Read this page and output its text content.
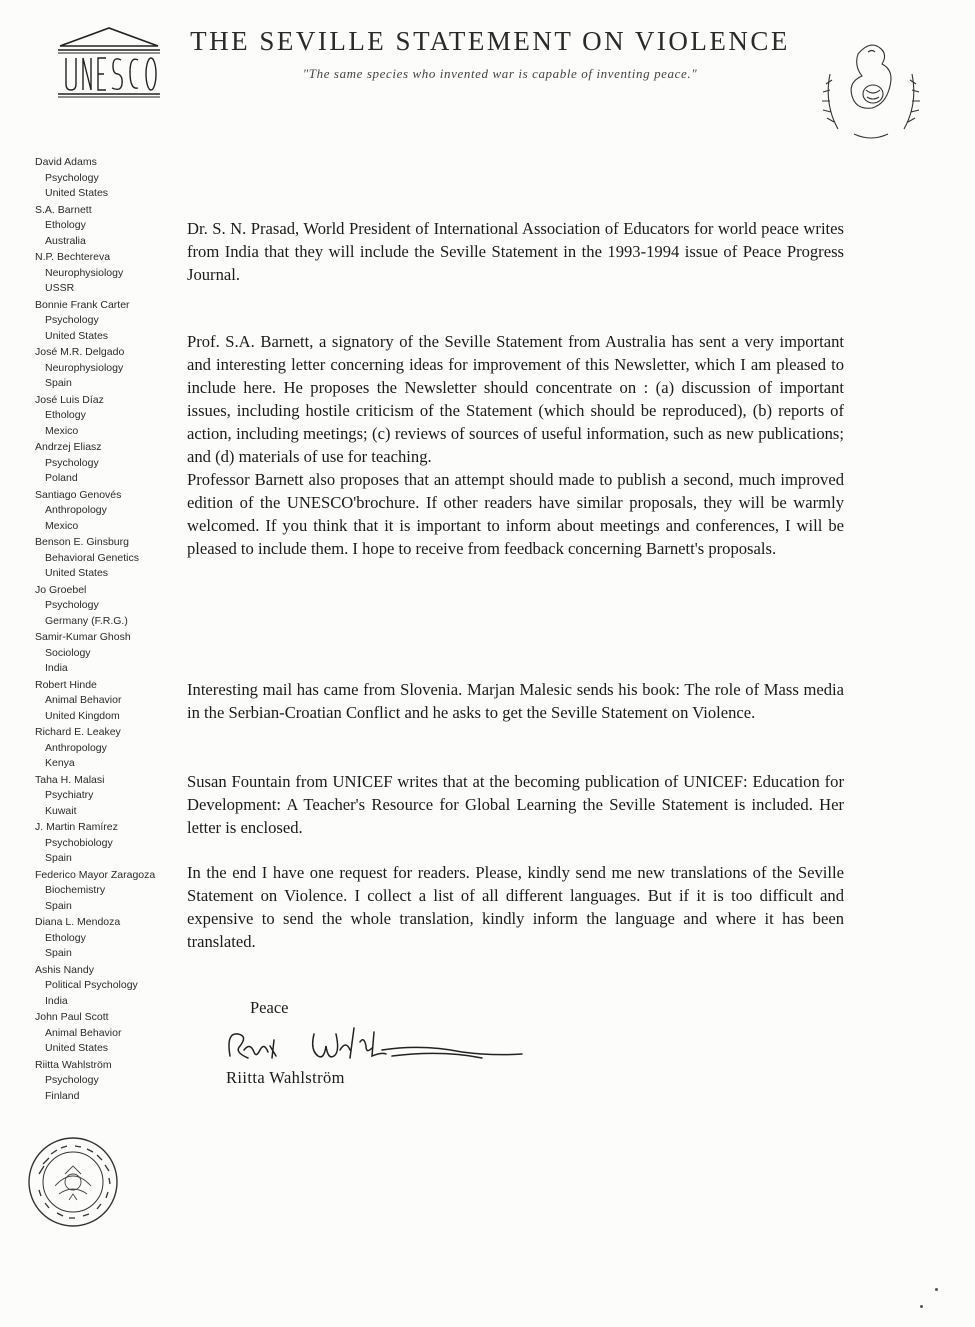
THE SEVILLE STATEMENT ON VIOLENCE
"The same species who invented war is capable of inventing peace."
David Adams
Psychology
United States
S.A. Barnett
Ethology
Australia
N.P. Bechtereva
Neurophysiology
USSR
Bonnie Frank Carter
Psychology
United States
José M.R. Delgado
Neurophysiology
Spain
José Luis Díaz
Ethology
Mexico
Andrzej Eliasz
Psychology
Poland
Santiago Genovés
Anthropology
Mexico
Benson E. Ginsburg
Behavioral Genetics
United States
Jo Groebel
Psychology
Germany (F.R.G.)
Samir-Kumar Ghosh
Sociology
India
Robert Hinde
Animal Behavior
United Kingdom
Richard E. Leakey
Anthropology
Kenya
Taha H. Malasi
Psychiatry
Kuwait
J. Martin Ramírez
Psychobiology
Spain
Federico Mayor Zaragoza
Biochemistry
Spain
Diana L. Mendoza
Ethology
Spain
Ashis Nandy
Political Psychology
India
John Paul Scott
Animal Behavior
United States
Riitta Wahlström
Psychology
Finland

Dr. S. N. Prasad, World President of International Association of Educators for world peace writes from India that they will include the Seville Statement in the 1993-1994 issue of Peace Progress Journal.

Prof. S.A. Barnett, a signatory of the Seville Statement from Australia has sent a very important and interesting letter concerning ideas for improvement of this Newsletter, which I am pleased to include here. He proposes the Newsletter should concentrate on : (a) discussion of important issues, including hostile criticism of the Statement (which should be reproduced), (b) reports of action, including meetings; (c) reviews of sources of useful information, such as new publications; and (d) materials of use for teaching.
Professor Barnett also proposes that an attempt should made to publish a second, much improved edition of the UNESCO'brochure. If other readers have similar proposals, they will be warmly welcomed. If you think that it is important to inform about meetings and conferences, I will be pleased to include them. I hope to receive from feedback concerning Barnett's proposals.

Interesting mail has came from Slovenia. Marjan Malesic sends his book: The role of Mass media in the Serbian-Croatian Conflict and he asks to get the Seville Statement on Violence.

Susan Fountain from UNICEF writes that at the becoming publication of UNICEF: Education for Development: A Teacher's Resource for Global Learning the Seville Statement is included. Her letter is enclosed.

In the end I have one request for readers. Please, kindly send me new translations of the Seville Statement on Violence. I collect a list of all different languages. But if it is too difficult and expensive to send the whole translation, kindly inform the language and where it has been translated.

Peace
Riitta Wahlström
